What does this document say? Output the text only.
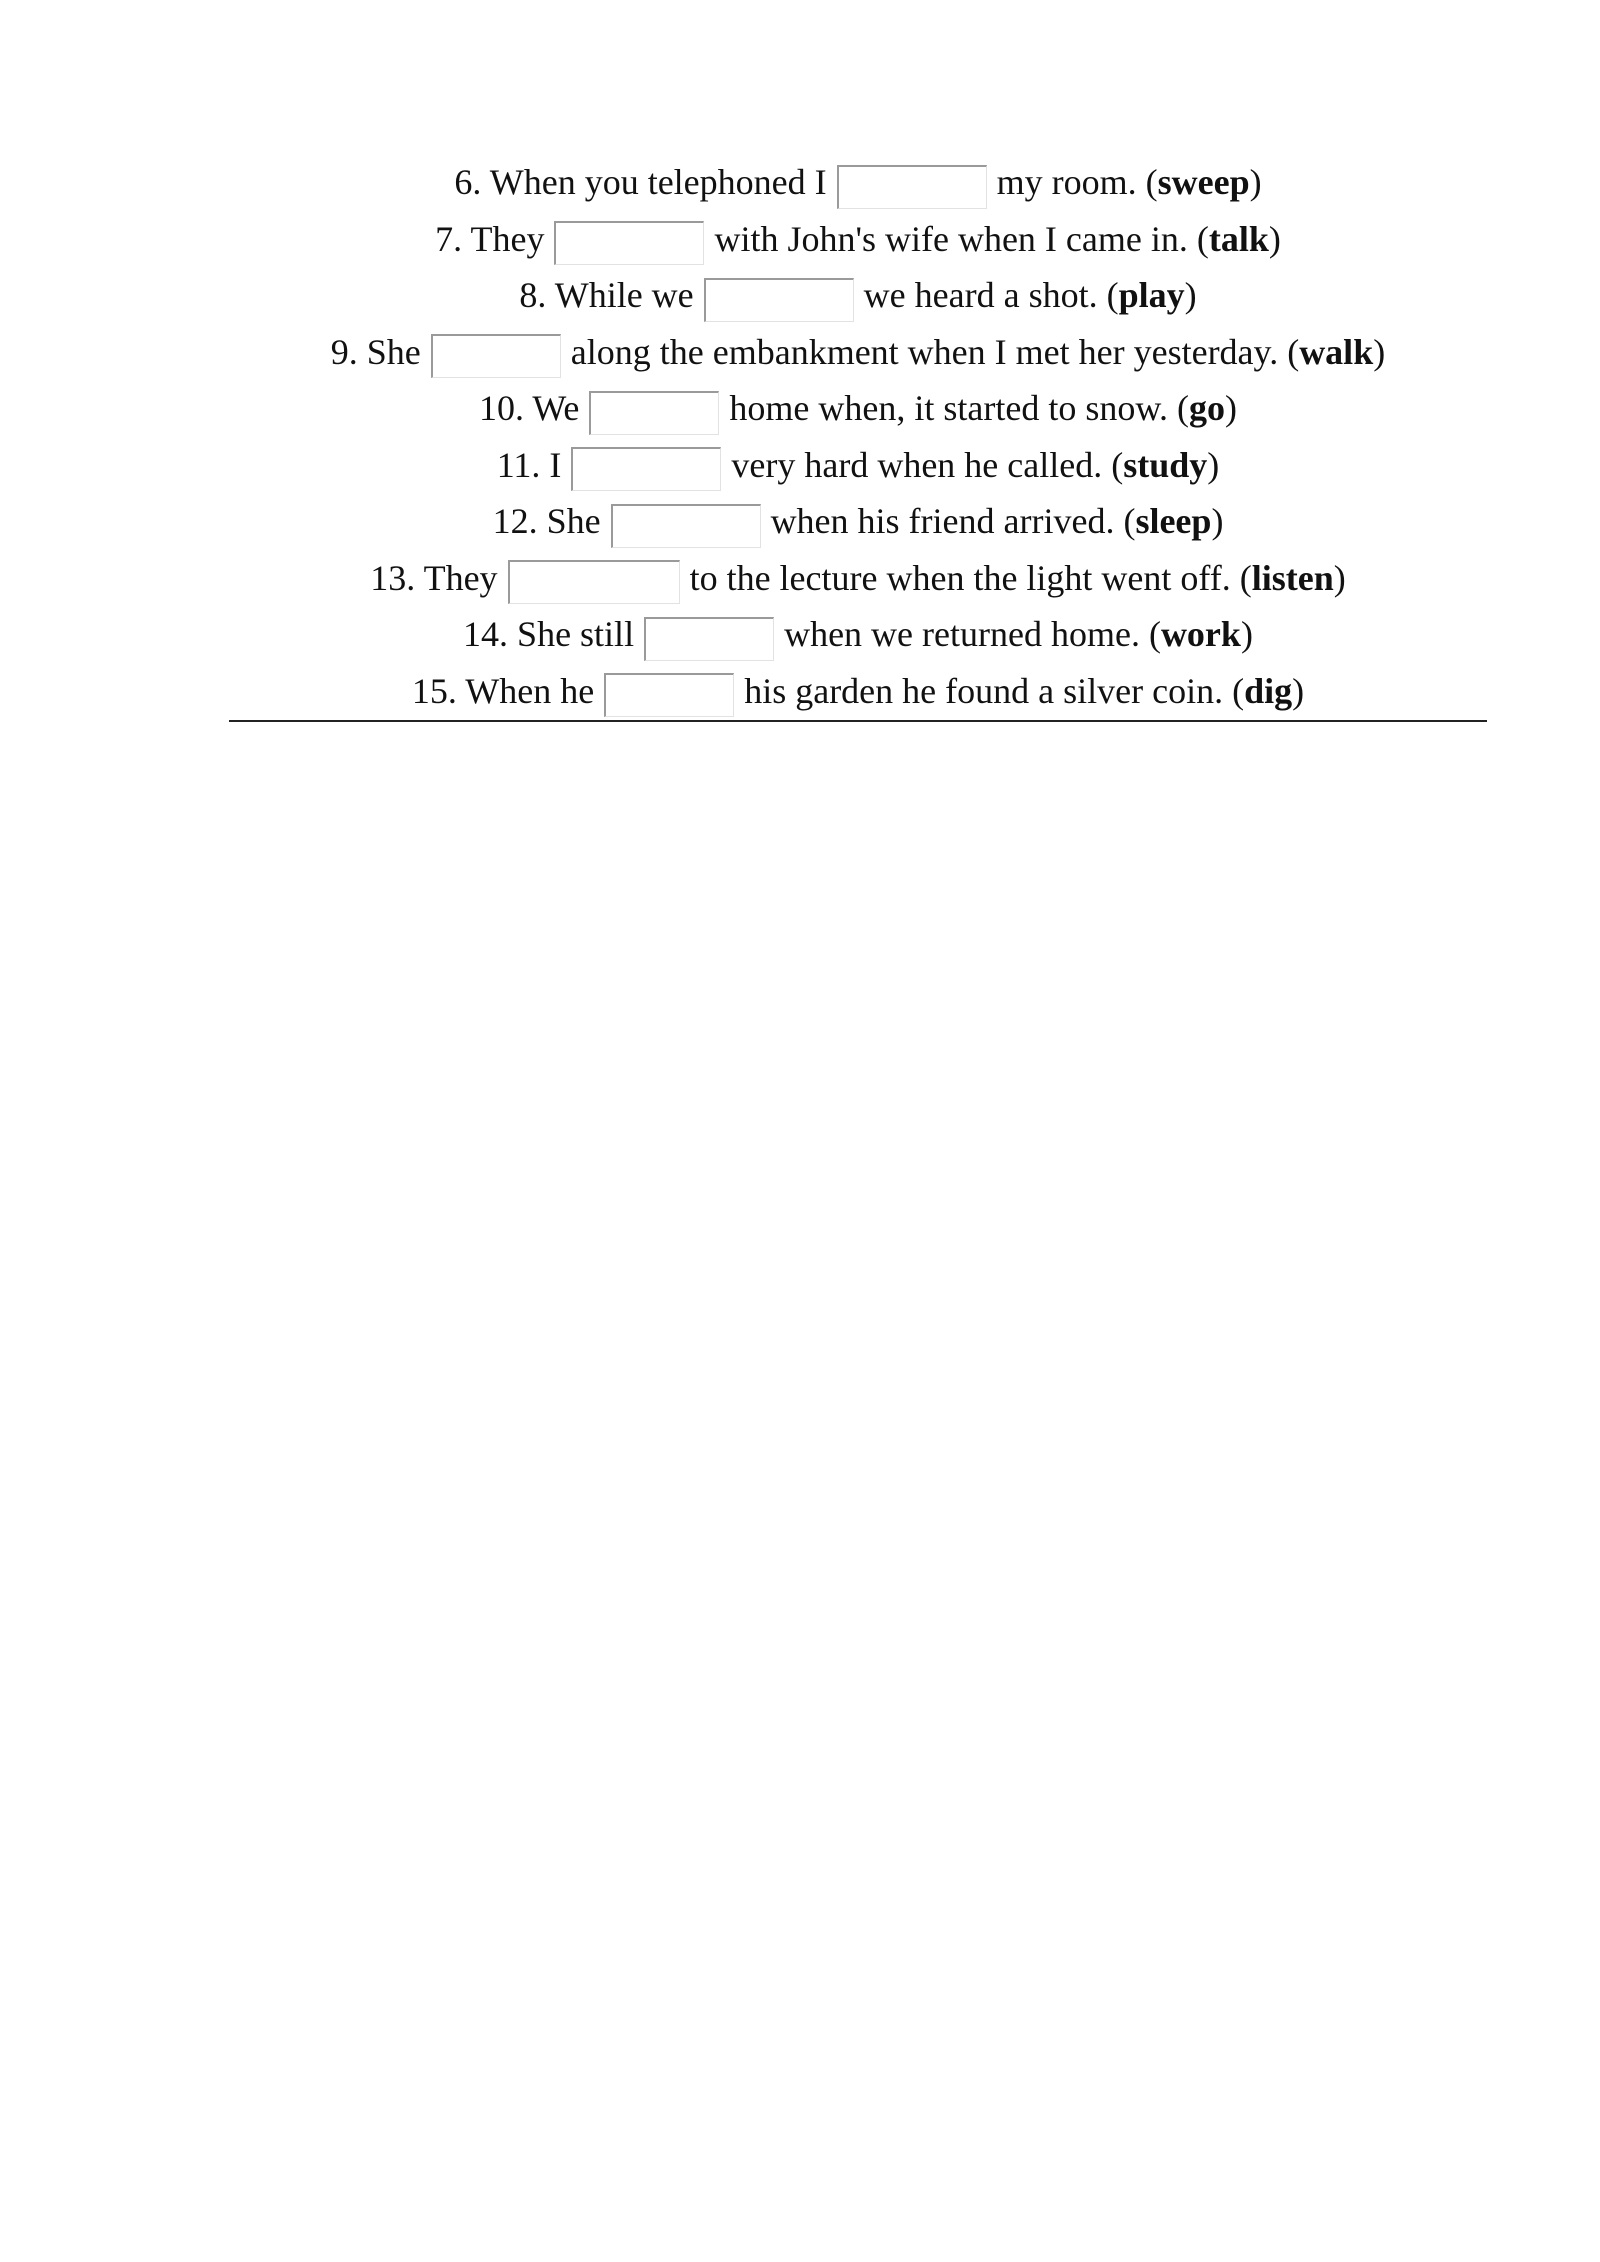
6. When you telephoned I	my room. (sweep)
7. They	with John's wife when I came in. (talk)
8. While we	we heard a shot. (play)
9. She	along the embankment when I met her yesterday. (walk)
10. We	home when, it started to snow. (go)
11. I	very hard when he called. (study)
12. She	when his friend arrived. (sleep)
13. They	to the lecture when the light went off. (listen)
14. She still	when we returned home. (work)
15. When he	his garden he found a silver coin. (dig)
